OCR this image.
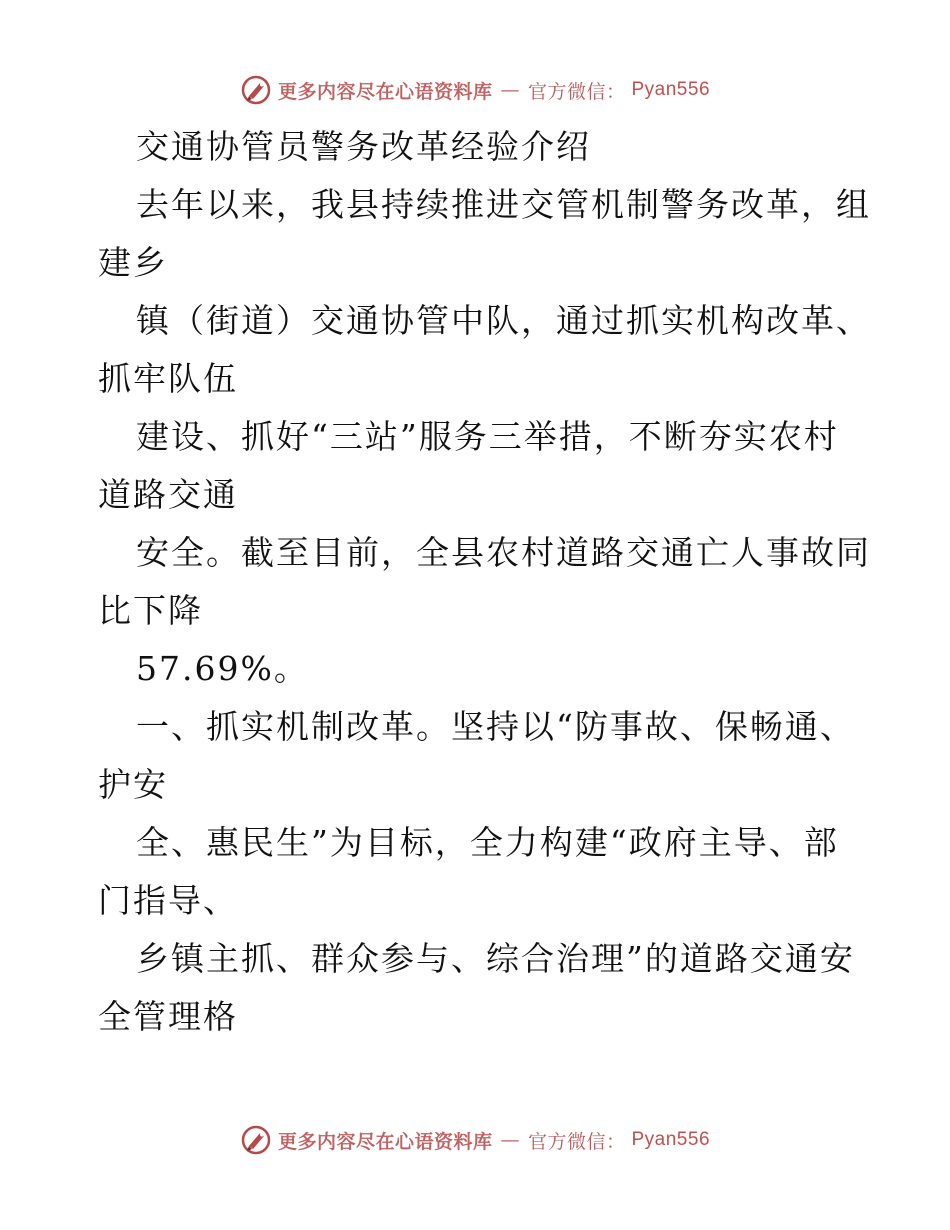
更多内容尽在心语资料库 — 官方微信： Pyan556
交通协管员警务改革经验介绍
去年以来，我县持续推进交管机制警务改革，组
建乡
镇（街道）交通协管中队，通过抓实机构改革、
抓牢队伍
建设、抓好“三站”服务三举措，不断夯实农村
道路交通
安全。截至目前，全县农村道路交通亡人事故同
比下降
57.69%。
一、抓实机制改革。坚持以“防事故、保畅通、
护安
全、惠民生”为目标，全力构建“政府主导、部
门指导、
乡镇主抓、群众参与、综合治理”的道路交通安
全管理格
更多内容尽在心语资料库 — 官方微信： Pyan556
